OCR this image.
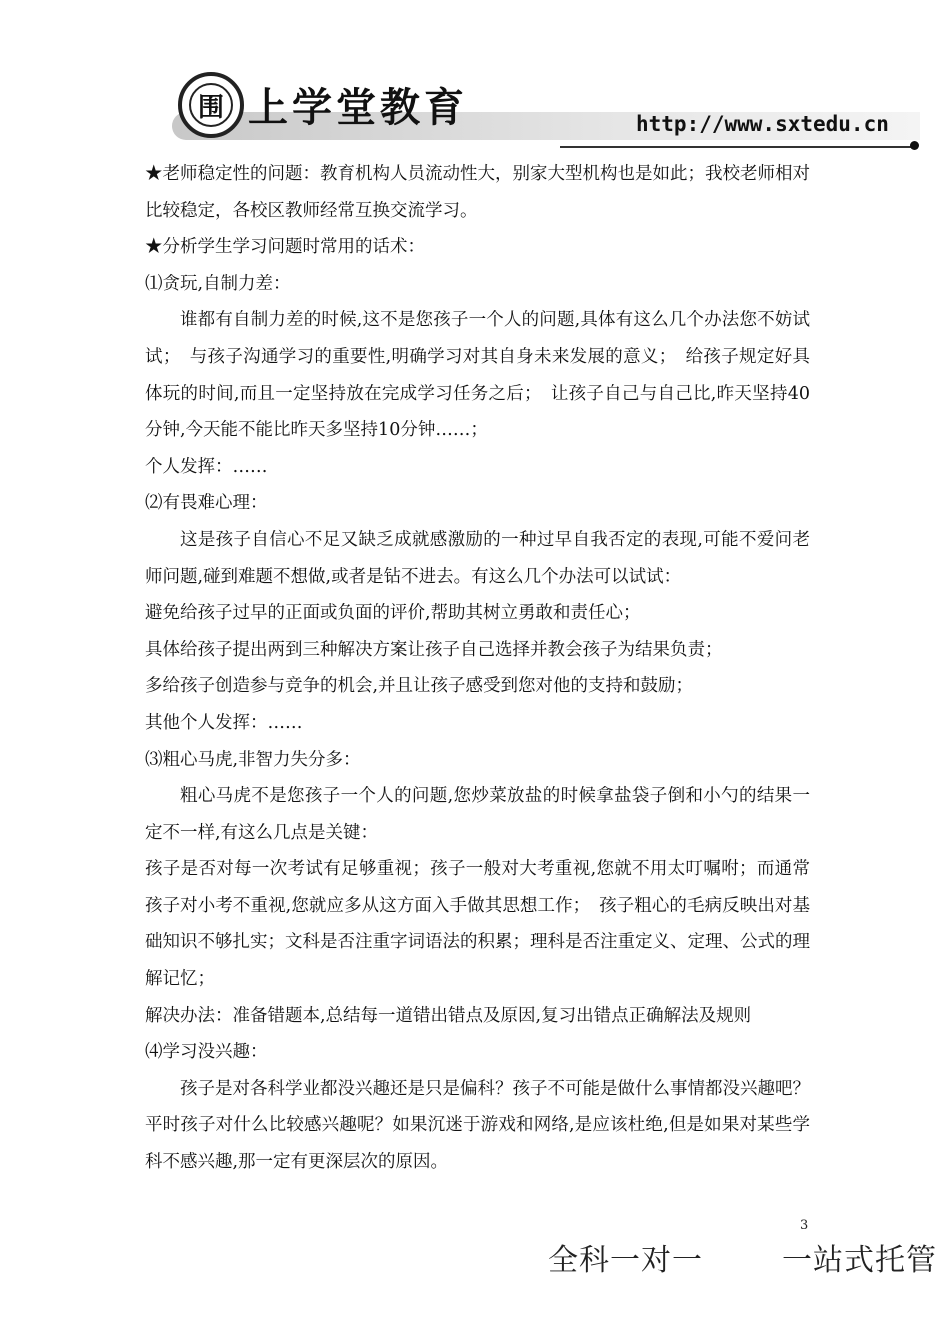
围 上学堂教育	http://www.sxtedu.cn

★老师稳定性的问题：教育机构人员流动性大，别家大型机构也是如此；我校老师相对比较稳定，各校区教师经常互换交流学习。

★分析学生学习问题时常用的话术：

⑴贪玩,自制力差：

谁都有自制力差的时候,这不是您孩子一个人的问题,具体有这么几个办法您不妨试试；　与孩子沟通学习的重要性,明确学习对其自身未来发展的意义；　给孩子规定好具体玩的时间,而且一定坚持放在完成学习任务之后；　让孩子自己与自己比,昨天坚持40分钟,今天能不能比昨天多坚持10分钟……；

个人发挥：……

⑵有畏难心理：

这是孩子自信心不足又缺乏成就感激励的一种过早自我否定的表现,可能不爱问老师问题,碰到难题不想做,或者是钻不进去。有这么几个办法可以试试：

避免给孩子过早的正面或负面的评价,帮助其树立勇敢和责任心；

具体给孩子提出两到三种解决方案让孩子自己选择并教会孩子为结果负责；

多给孩子创造参与竞争的机会,并且让孩子感受到您对他的支持和鼓励；

其他个人发挥：……

⑶粗心马虎,非智力失分多：

粗心马虎不是您孩子一个人的问题,您炒菜放盐的时候拿盐袋子倒和小勺的结果一定不一样,有这么几点是关键：

孩子是否对每一次考试有足够重视；孩子一般对大考重视,您就不用太叮嘱咐；而通常孩子对小考不重视,您就应多从这方面入手做其思想工作；　孩子粗心的毛病反映出对基础知识不够扎实；文科是否注重字词语法的积累；理科是否注重定义、定理、公式的理解记忆；

解决办法：准备错题本,总结每一道错出错点及原因,复习出错点正确解法及规则

⑷学习没兴趣：

孩子是对各科学业都没兴趣还是只是偏科？孩子不可能是做什么事情都没兴趣吧？平时孩子对什么比较感兴趣呢？如果沉迷于游戏和网络,是应该杜绝,但是如果对某些学科不感兴趣,那一定有更深层次的原因。

3
全科一对一	一站式托管
